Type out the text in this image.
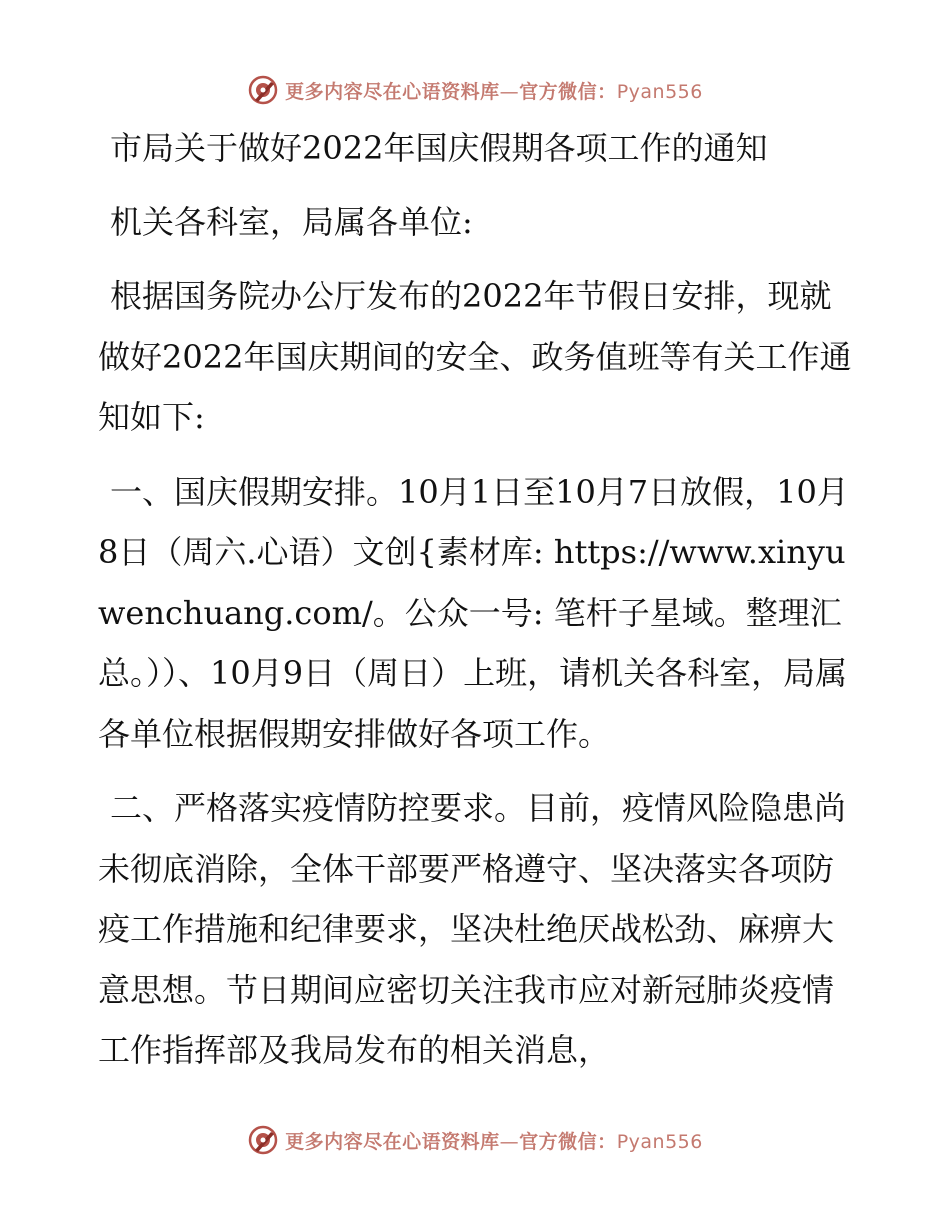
更多内容尽在心语资料库—官方微信：Pyan556
市局关于做好2022年国庆假期各项工作的通知

机关各科室，局属各单位:

根据国务院办公厅发布的2022年节假日安排，现就做好2022年国庆期间的安全、政务值班等有关工作通知如下:

一、国庆假期安排。10月1日至10月7日放假，10月8日（周六.心语）文创{素材库: https://www.xinyuwenchuang.com/。公众一号: 笔杆子星域。整理汇总。））、10月9日（周日）上班，请机关各科室，局属各单位根据假期安排做好各项工作。

二、严格落实疫情防控要求。目前，疫情风险隐患尚未彻底消除，全体干部要严格遵守、坚决落实各项防疫工作措施和纪律要求，坚决杜绝厌战松劲、麻痹大意思想。节日期间应密切关注我市应对新冠肺炎疫情工作指挥部及我局发布的相关消息，

更多内容尽在心语资料库—官方微信：Pyan556
